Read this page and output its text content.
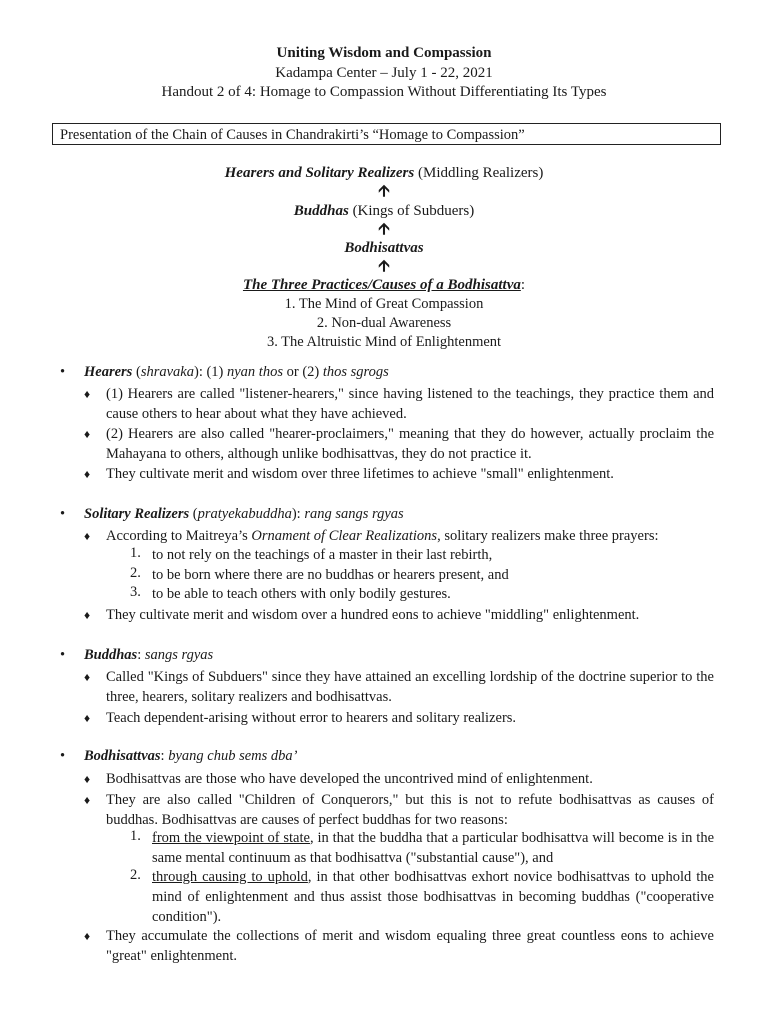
Uniting Wisdom and Compassion
Kadampa Center – July 1 - 22, 2021
Handout 2 of 4: Homage to Compassion Without Differentiating Its Types
Presentation of the Chain of Causes in Chandrakirti’s “Homage to Compassion”
Hearers and Solitary Realizers (Middling Realizers)
🡩
Buddhas (Kings of Subduers)
🡩
Bodhisattvas
🡩
The Three Practices/Causes of a Bodhisattva:
1. The Mind of Great Compassion
2. Non-dual Awareness
3. The Altruistic Mind of Enlightenment
• Hearers (shravaka): (1) nyan thos or (2) thos sgrogs
♦ (1) Hearers are called "listener-hearers," since having listened to the teachings, they practice them and cause others to hear about what they have achieved.
♦ (2) Hearers are also called "hearer-proclaimers," meaning that they do however, actually proclaim the Mahayana to others, although unlike bodhisattvas, they do not practice it.
♦ They cultivate merit and wisdom over three lifetimes to achieve "small" enlightenment.
• Solitary Realizers (pratyekabuddha): rang sangs rgyas
♦ According to Maitreya’s Ornament of Clear Realizations, solitary realizers make three prayers:
1. to not rely on the teachings of a master in their last rebirth,
2. to be born where there are no buddhas or hearers present, and
3. to be able to teach others with only bodily gestures.
♦ They cultivate merit and wisdom over a hundred eons to achieve "middling" enlightenment.
• Buddhas: sangs rgyas
♦ Called "Kings of Subduers" since they have attained an excelling lordship of the doctrine superior to the three, hearers, solitary realizers and bodhisattvas.
♦ Teach dependent-arising without error to hearers and solitary realizers.
• Bodhisattvas: byang chub sems dba’
♦ Bodhisattvas are those who have developed the uncontrived mind of enlightenment.
♦ They are also called "Children of Conquerors," but this is not to refute bodhisattvas as causes of buddhas. Bodhisattvas are causes of perfect buddhas for two reasons:
1. from the viewpoint of state, in that the buddha that a particular bodhisattva will become is in the same mental continuum as that bodhisattva ("substantial cause"), and
2. through causing to uphold, in that other bodhisattvas exhort novice bodhisattvas to uphold the mind of enlightenment and thus assist those bodhisattvas in becoming buddhas ("cooperative condition").
♦ They accumulate the collections of merit and wisdom equaling three great countless eons to achieve "great" enlightenment.
